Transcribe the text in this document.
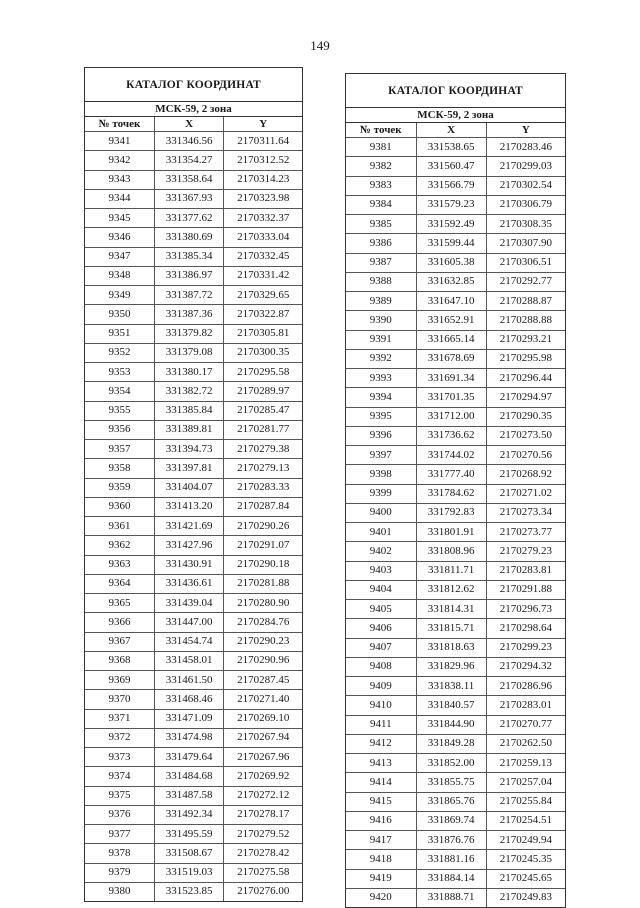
149
КАТАЛОГ КООРДИНАТ
МСК-59, 2 зона
№ точек	X	Y
9341	331346.56	2170311.64
9342	331354.27	2170312.52
9343	331358.64	2170314.23
9344	331367.93	2170323.98
9345	331377.62	2170332.37
9346	331380.69	2170333.04
9347	331385.34	2170332.45
9348	331386.97	2170331.42
9349	331387.72	2170329.65
9350	331387.36	2170322.87
9351	331379.82	2170305.81
9352	331379.08	2170300.35
9353	331380.17	2170295.58
9354	331382.72	2170289.97
9355	331385.84	2170285.47
9356	331389.81	2170281.77
9357	331394.73	2170279.38
9358	331397.81	2170279.13
9359	331404.07	2170283.33
9360	331413.20	2170287.84
9361	331421.69	2170290.26
9362	331427.96	2170291.07
9363	331430.91	2170290.18
9364	331436.61	2170281.88
9365	331439.04	2170280.90
9366	331447.00	2170284.76
9367	331454.74	2170290.23
9368	331458.01	2170290.96
9369	331461.50	2170287.45
9370	331468.46	2170271.40
9371	331471.09	2170269.10
9372	331474.98	2170267.94
9373	331479.64	2170267.96
9374	331484.68	2170269.92
9375	331487.58	2170272.12
9376	331492.34	2170278.17
9377	331495.59	2170279.52
9378	331508.67	2170278.42
9379	331519.03	2170275.58
9380	331523.85	2170276.00
КАТАЛОГ КООРДИНАТ
МСК-59, 2 зона
№ точек	X	Y
9381	331538.65	2170283.46
9382	331560.47	2170299.03
9383	331566.79	2170302.54
9384	331579.23	2170306.79
9385	331592.49	2170308.35
9386	331599.44	2170307.90
9387	331605.38	2170306.51
9388	331632.85	2170292.77
9389	331647.10	2170288.87
9390	331652.91	2170288.88
9391	331665.14	2170293.21
9392	331678.69	2170295.98
9393	331691.34	2170296.44
9394	331701.35	2170294.97
9395	331712.00	2170290.35
9396	331736.62	2170273.50
9397	331744.02	2170270.56
9398	331777.40	2170268.92
9399	331784.62	2170271.02
9400	331792.83	2170273.34
9401	331801.91	2170273.77
9402	331808.96	2170279.23
9403	331811.71	2170283.81
9404	331812.62	2170291.88
9405	331814.31	2170296.73
9406	331815.71	2170298.64
9407	331818.63	2170299.23
9408	331829.96	2170294.32
9409	331838.11	2170286.96
9410	331840.57	2170283.01
9411	331844.90	2170270.77
9412	331849.28	2170262.50
9413	331852.00	2170259.13
9414	331855.75	2170257.04
9415	331865.76	2170255.84
9416	331869.74	2170254.51
9417	331876.76	2170249.94
9418	331881.16	2170245.35
9419	331884.14	2170245.65
9420	331888.71	2170249.83
